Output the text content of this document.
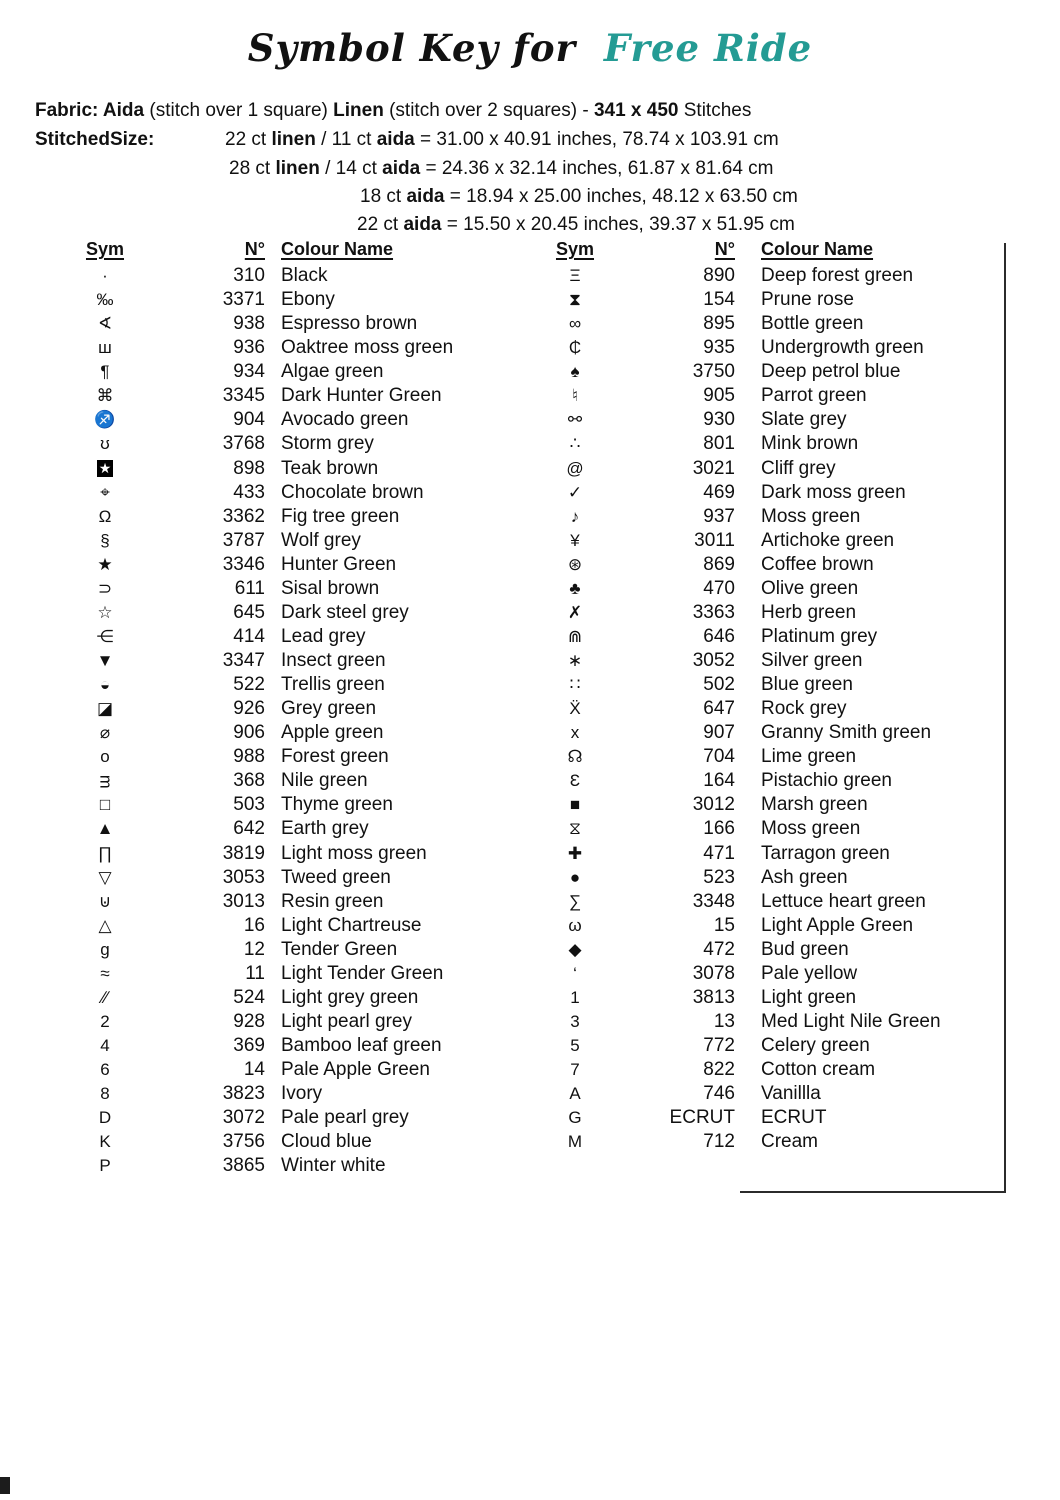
Symbol Key for Free Ride
Fabric: Aida (stitch over 1 square) Linen (stitch over 2 squares) - 341 x 450 Stitches
StitchedSize:	22 ct linen / 11 ct aida = 31.00 x 40.91 inches, 78.74 x 103.91 cm
28 ct linen / 14 ct aida = 24.36 x 32.14 inches, 61.87 x 81.64 cm
18 ct aida = 18.94 x 25.00 inches, 48.12 x 63.50 cm
22 ct aida = 15.50 x 20.45 inches, 39.37 x 51.95 cm
Sym	N° Colour Name
·	310 Black
‰	3371 Ebony
∢	938 Espresso brown
ш	936 Oaktree moss green
¶	934 Algae green
⌘	3345 Dark Hunter Green
♐	904 Avocado green
ʊ	3768 Storm grey
★	898 Teak brown
⌖	433 Chocolate brown
Ω	3362 Fig tree green
§	3787 Wolf grey
★	3346 Hunter Green
⊃	611 Sisal brown
☆	645 Dark steel grey
⋲	414 Lead grey
▼	3347 Insect green
◒	522 Trellis green
◪	926 Grey green
⌀	906 Apple green
o	988 Forest green
ᴟ	368 Nile green
□	503 Thyme green
▲	642 Earth grey
∏	3819 Light moss green
▽	3053 Tweed green
⊍	3013 Resin green
△	16 Light Chartreuse
g	12 Tender Green
≈	11 Light Tender Green
∕∕	524 Light grey green
2	928 Light pearl grey
4	369 Bamboo leaf green
6	14 Pale Apple Green
8	3823 Ivory
D	3072 Pale pearl grey
K	3756 Cloud blue
P	3865 Winter white
Sym	N°	Colour Name
Ξ	890	Deep forest green
⧗	154	Prune rose
∞	895	Bottle green
₵	935	Undergrowth green
♠	3750	Deep petrol blue
♮	905	Parrot green
⚯	930	Slate grey
∴	801	Mink brown
@	3021	Cliff grey
✓	469	Dark moss green
♪	937	Moss green
¥	3011	Artichoke green
⊛	869	Coffee brown
♣	470	Olive green
✗	3363	Herb green
⋒	646	Platinum grey
∗	3052	Silver green
∷	502	Blue green
Ẍ	647	Rock grey
x	907	Granny Smith green
☊	704	Lime green
Ɛ	164	Pistachio green
■	3012	Marsh green
⧖	166	Moss green
✚	471	Tarragon green
●	523	Ash green
∑	3348	Lettuce heart green
ω	15	Light Apple Green
◆	472	Bud green
‘	3078	Pale yellow
1	3813	Light green
3	13	Med Light Nile Green
5	772	Celery green
7	822	Cotton cream
A	746	Vanillla
G	ECRUT	ECRUT
M	712	Cream
